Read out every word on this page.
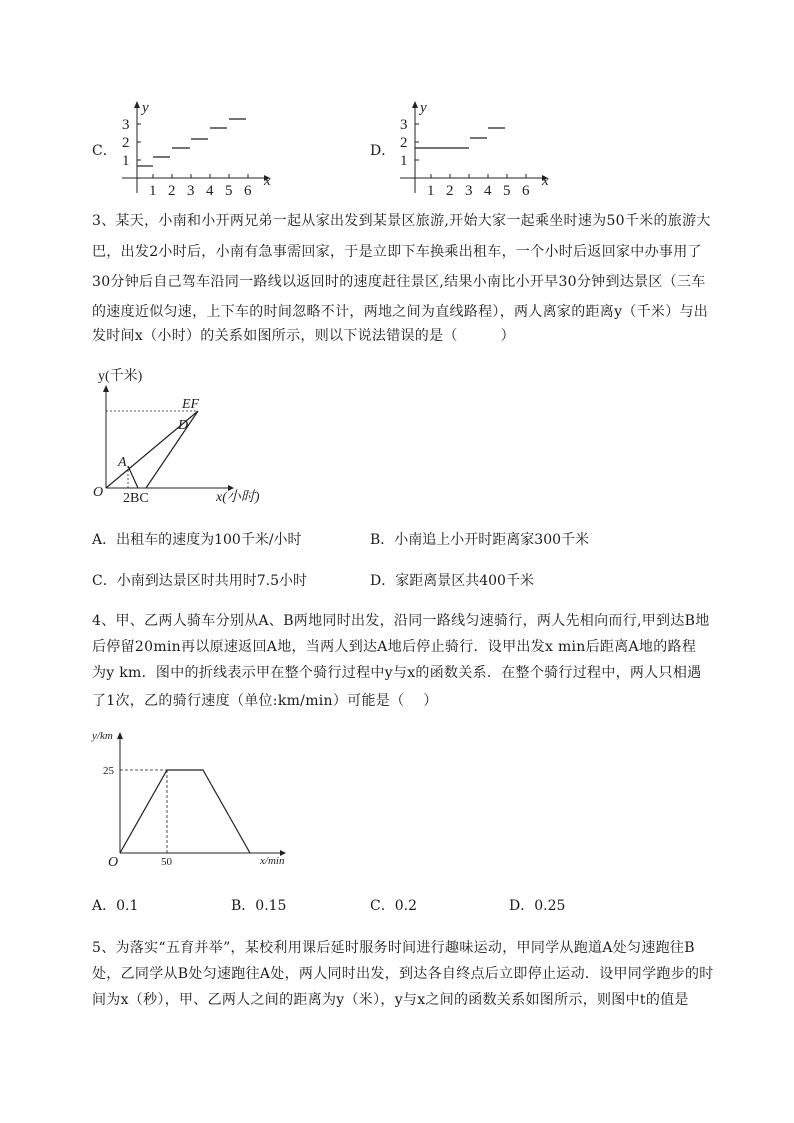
C．
1 2 3 4 5 6
1
2
3
x
y
D．
1 2 3 4 5 6
1
2
3
x
y
3、某天，小南和小开两兄弟一起从家出发到某景区旅游,开始大家一起乘坐时速为50千米的旅游大
巴，出发2小时后，小南有急事需回家，于是立即下车换乘出租车，一个小时后返回家中办事用了
30分钟后自己驾车沿同一路线以返回时的速度赶往景区,结果小南比小开早30分钟到达景区（三车
的速度近似匀速，上下车的时间忽略不计，两地之间为直线路程），两人离家的距离y（千米）与出
发时间x（小时）的关系如图所示，则以下说法错误的是（　　　）
y(千米)
x(小时)
O
A
D
EF
2BC
A．出租车的速度为100千米/小时	B．小南追上小开时距离家300千米
C．小南到达景区时共用时7.5小时	D．家距离景区共400千米
4、甲、乙两人骑车分别从A、B两地同时出发，沿同一路线匀速骑行，两人先相向而行,甲到达B地
后停留20min再以原速返回A地，当两人到达A地后停止骑行．设甲出发x min后距离A地的路程
为y km．图中的折线表示甲在整个骑行过程中y与x的函数关系．在整个骑行过程中，两人只相遇
了1次，乙的骑行速度（单位:km/min）可能是（　 ）
y/km
x/min
25
50
O
A．0.1	B．0.15	C．0.2	D．0.25
5、为落实“五育并举”，某校利用课后延时服务时间进行趣味运动，甲同学从跑道A处匀速跑往B
处，乙同学从B处匀速跑往A处，两人同时出发，到达各自终点后立即停止运动．设甲同学跑步的时
间为x（秒），甲、乙两人之间的距离为y（米），y与x之间的函数关系如图所示，则图中t的值是
